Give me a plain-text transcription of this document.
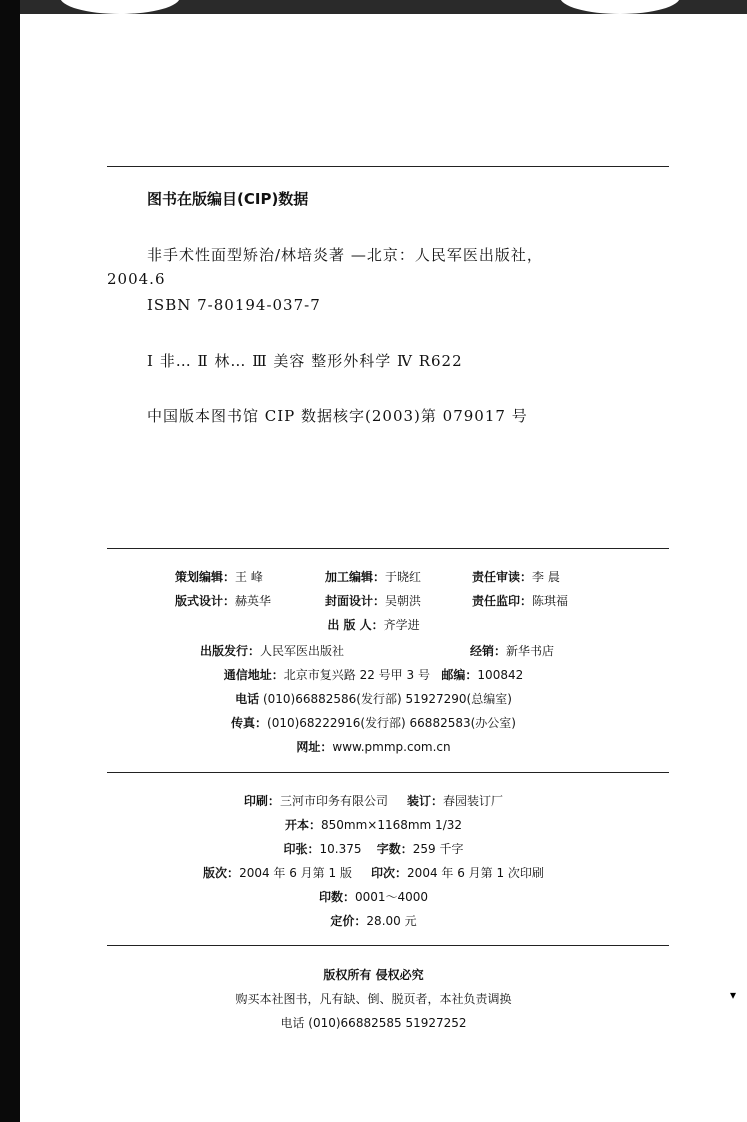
图书在版编目(CIP)数据
非手术性面型矫治/林培炎著 —北京：人民军医出版社，
2004.6
ISBN 7-80194-037-7
Ⅰ 非… Ⅱ 林… Ⅲ 美容 整形外科学 Ⅳ R622
中国版本图书馆 CIP 数据核字(2003)第 079017 号
策划编辑：王 峰	加工编辑：于晓红	责任审读：李 晨
版式设计：赫英华	封面设计：吴朝洪	责任监印：陈琪福
出 版 人：齐学进
出版发行：人民军医出版社	经销：新华书店
通信地址：北京市复兴路 22 号甲 3 号 邮编：100842
电话 (010)66882586(发行部) 51927290(总编室)
传真：(010)68222916(发行部) 66882583(办公室)
网址：www.pmmp.com.cn
印刷：三河市印务有限公司 装订：春园装订厂
开本：850mm×1168mm 1/32
印张：10.375 字数：259 千字
版次：2004 年 6 月第 1 版 印次：2004 年 6 月第 1 次印刷
印数：0001～4000
定价：28.00 元
版权所有 侵权必究
购买本社图书，凡有缺、倒、脱页者，本社负责调换
电话 (010)66882585 51927252
▾
